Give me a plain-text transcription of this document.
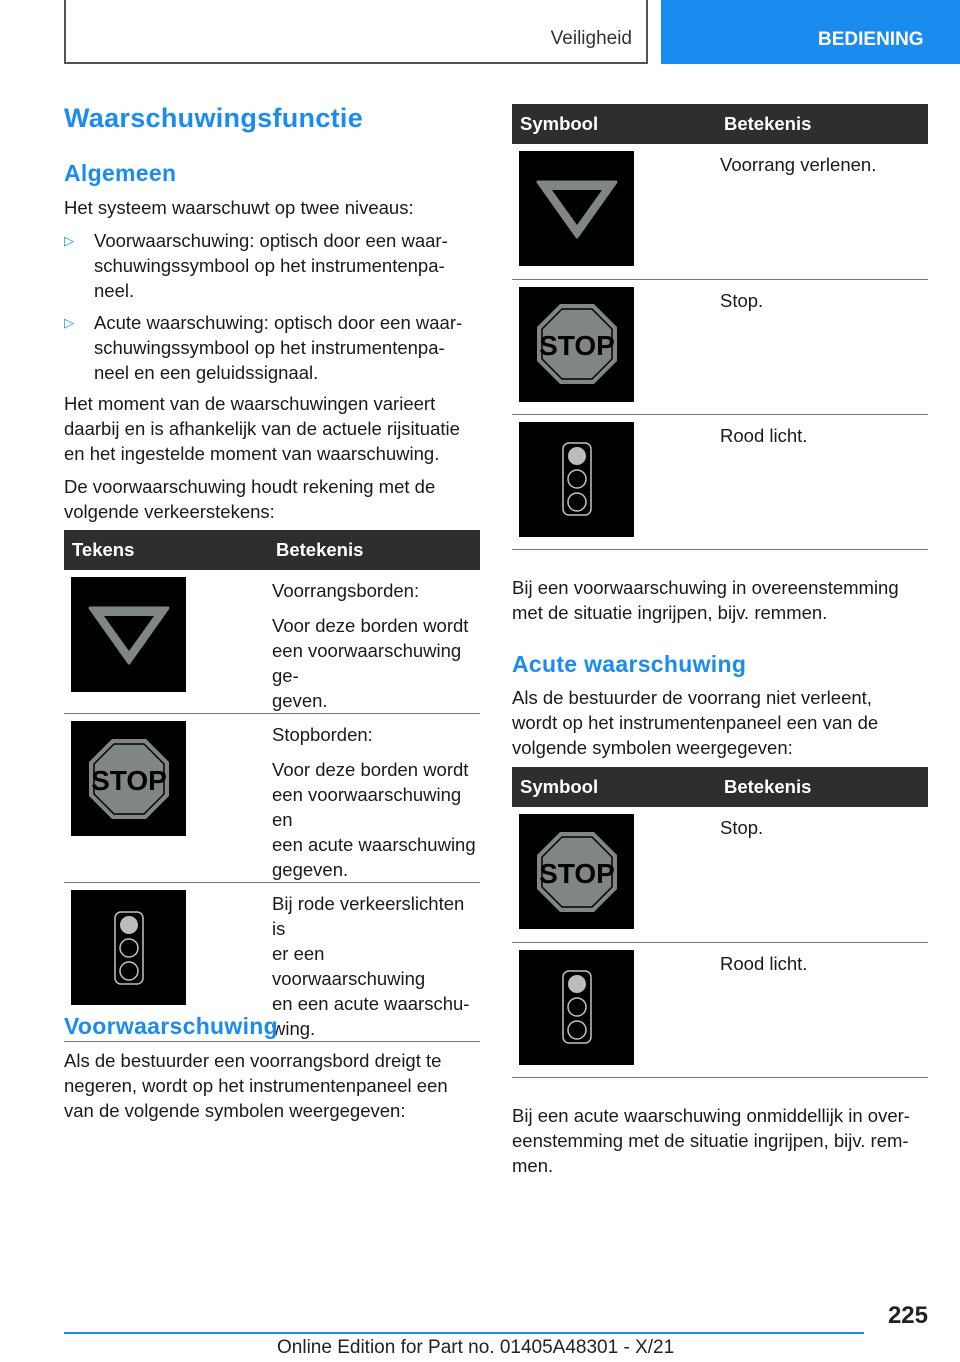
Veiligheid	BEDIENING
Waarschuwingsfunctie
Algemeen

Het systeem waarschuwt op twee niveaus:

▷ Voorwaarschuwing: optisch door een waar-
schuwingssymbool op het instrumentenpa-
neel.
▷ Acute waarschuwing: optisch door een waar-
schuwingssymbool op het instrumentenpa-
neel en een geluidssignaal.
Het moment van de waarschuwingen varieert
daarbij en is afhankelijk van de actuele rijsituatie
en het ingestelde moment van waarschuwing.
De voorwaarschuwing houdt rekening met de
volgende verkeerstekens:
Tekens	Betekenis

Voorrangsborden:

Voor deze borden wordt
een voorwaarschuwing ge-
geven.

STOP	Stopborden:

Voor deze borden wordt
een voorwaarschuwing en
een acute waarschuwing
gegeven.

Bij rode verkeerslichten is
er een voorwaarschuwing
en een acute waarschu-
wing.
Voorwaarschuwing
Als de bestuurder een voorrangsbord dreigt te
negeren, wordt op het instrumentenpaneel een
van de volgende symbolen weergegeven:
Symbool	Betekenis

Voorrang verlenen.

STOP	Stop.

Rood licht.
Bij een voorwaarschuwing in overeenstemming
met de situatie ingrijpen, bijv. remmen.
Acute waarschuwing
Als de bestuurder de voorrang niet verleent,
wordt op het instrumentenpaneel een van de
volgende symbolen weergegeven:
Symbool	Betekenis

STOP	Stop.

Rood licht.
Bij een acute waarschuwing onmiddellijk in over-
eenstemming met de situatie ingrijpen, bijv. rem-
men.
225
Online Edition for Part no. 01405A48301 - X/21
